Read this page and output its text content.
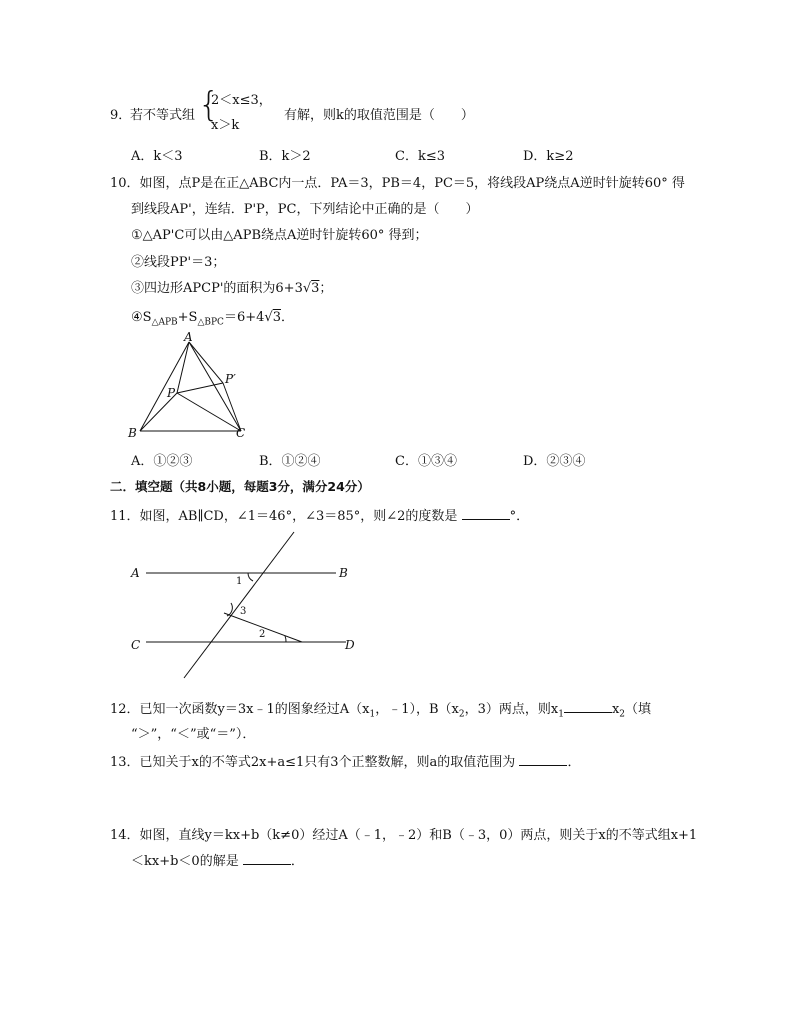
9．
若不等式组 {
2＜x≤3，
x＞k
有解，则k的取值范围是（　　）
A．k＜3	B．k＞2	C．k≤3	D．k≥2
10．如图，点P是在正△ABC内一点．PA＝3，PB＝4，PC＝5，将线段AP绕点A逆时针旋转60° 得
到线段AP'，连结．P'P，PC，下列结论中正确的是（　　）
①△AP'C可以由△APB绕点A逆时针旋转60° 得到；
②线段PP'＝3；
③四边形APCP'的面积为6+3√3；
$④S_{\triangle APB}+S_{\triangle BPC}=6+4√3$．
A
B	C
P
P′
A．①②③	B．①②④	C．①③④	D．②③④
二．填空题（共8小题，每题3分，满分24分）
11．如图，AB∥CD，∠1＝46°，∠3＝85°，则∠2的度数是	°．
A	B
C	D
1
3
2
12．已知一次函数y＝3x﹣1的图象经过$A(x_1$，﹣1），$B(x_2$，3）两点，则$x_1$	$x_2$（填
“＞”，“＜”或“＝”）．
13．已知关于x的不等式2x+a≤1只有3个正整数解，则a的取值范围为	．
14．如图，直线y＝kx+b（k≠0）经过A（﹣1，﹣2）和B（﹣3，0）两点，则关于x的不等式组x+1
＜kx+b＜0的解是	．
